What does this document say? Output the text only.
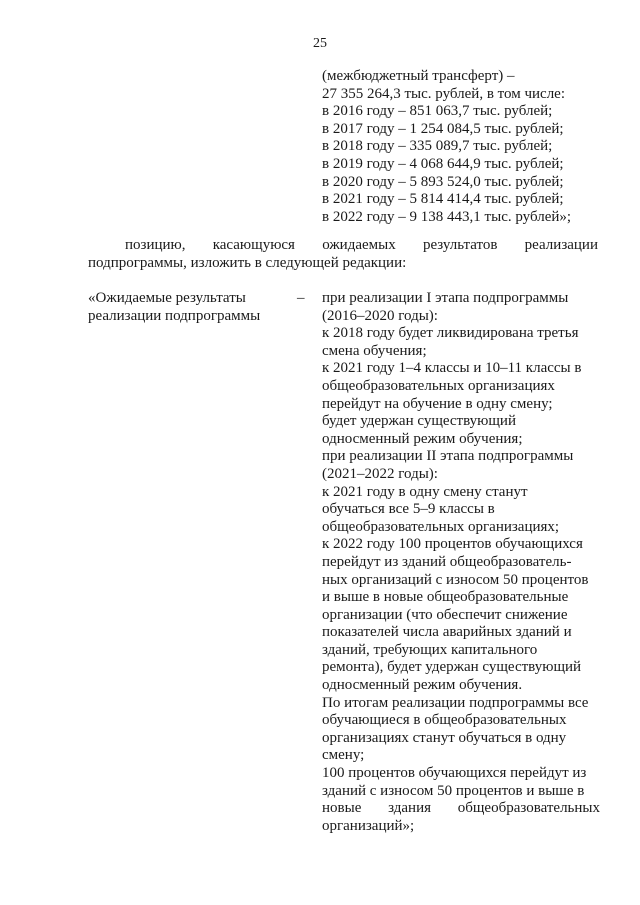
25
(межбюджетный трансферт) –
27 355 264,3 тыс. рублей, в том числе:
в 2016 году – 851 063,7 тыс. рублей;
в 2017 году – 1 254 084,5 тыс. рублей;
в 2018 году – 335 089,7 тыс. рублей;
в 2019 году – 4 068 644,9 тыс. рублей;
в 2020 году – 5 893 524,0 тыс. рублей;
в 2021 году – 5 814 414,4 тыс. рублей;
в 2022 году – 9 138 443,1 тыс. рублей»;
позицию, касающуюся ожидаемых результатов реализации
подпрограммы, изложить в следующей редакции:
«Ожидаемые результаты
реализации подпрограммы
– при реализации I этапа подпрограммы
(2016–2020 годы):
к 2018 году будет ликвидирована третья
смена обучения;
к 2021 году 1–4 классы и 10–11 классы в
общеобразовательных организациях
перейдут на обучение в одну смену;
будет удержан существующий
односменный режим обучения;
при реализации II этапа подпрограммы
(2021–2022 годы):
к 2021 году в одну смену станут
обучаться все 5–9 классы в
общеобразовательных организациях;
к 2022 году 100 процентов обучающихся
перейдут из зданий общеобразователь-
ных организаций с износом 50 процентов
и выше в новые общеобразовательные
организации (что обеспечит снижение
показателей числа аварийных зданий и
зданий, требующих капитального
ремонта), будет удержан существующий
односменный режим обучения.
По итогам реализации подпрограммы все
обучающиеся в общеобразовательных
организациях станут обучаться в одну
смену;
100 процентов обучающихся перейдут из
зданий с износом 50 процентов и выше в
новые здания общеобразовательных
организаций»;
